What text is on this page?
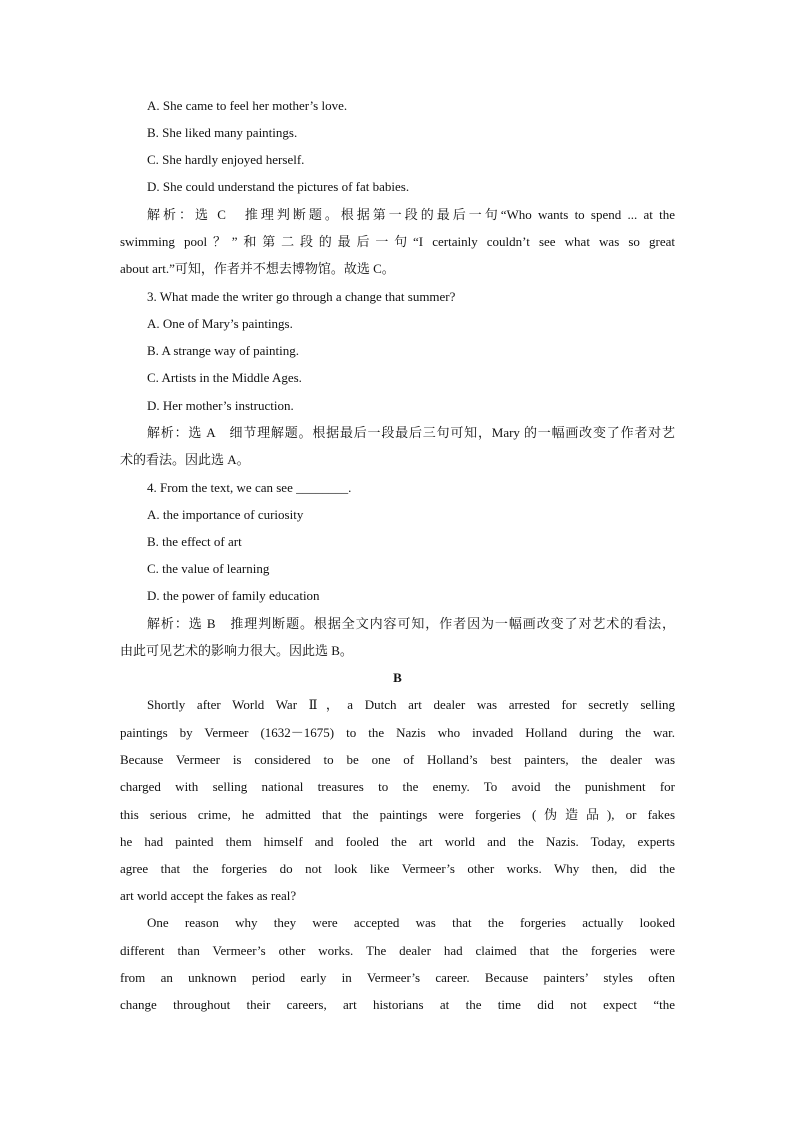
A. She came to feel her mother’s love.
B. She liked many paintings.
C. She hardly enjoyed herself.
D. She could understand the pictures of fat babies.
解析：选 C　推理判断题。根据第一段的最后一句“Who wants to spend ... at the
swimming pool？”和第二段的最后一句“I certainly couldn’t see what was so great
about art.”可知，作者并不想去博物馆。故选 C。
3. What made the writer go through a change that summer?
A. One of Mary’s paintings.
B. A strange way of painting.
C. Artists in the Middle Ages.
D. Her mother’s instruction.
解析：选 A　细节理解题。根据最后一段最后三句可知，Mary 的一幅画改变了作者对艺
术的看法。因此选 A。
4. From the text, we can see ________.
A. the importance of curiosity
B. the effect of art
C. the value of learning
D. the power of family education
解析：选 B　推理判断题。根据全文内容可知，作者因为一幅画改变了对艺术的看法，
由此可见艺术的影响力很大。因此选 B。
B
Shortly after World War Ⅱ，a Dutch art dealer was arrested for secretly selling
paintings by Vermeer (1632－1675) to the Nazis who invaded Holland during the war.
Because Vermeer is considered to be one of Holland’s best painters, the dealer was
charged with selling national treasures to the enemy. To avoid the punishment for
this serious crime, he admitted that the paintings were forgeries (伪造品), or fakes
he had painted them himself and fooled the art world and the Nazis. Today, experts
agree that the forgeries do not look like Vermeer’s other works. Why then, did the
art world accept the fakes as real?
One reason why they were accepted was that the forgeries actually looked
different than Vermeer’s other works. The dealer had claimed that the forgeries were
from an unknown period early in Vermeer’s career. Because painters’ styles often
change throughout their careers, art historians at the time did not expect “the
